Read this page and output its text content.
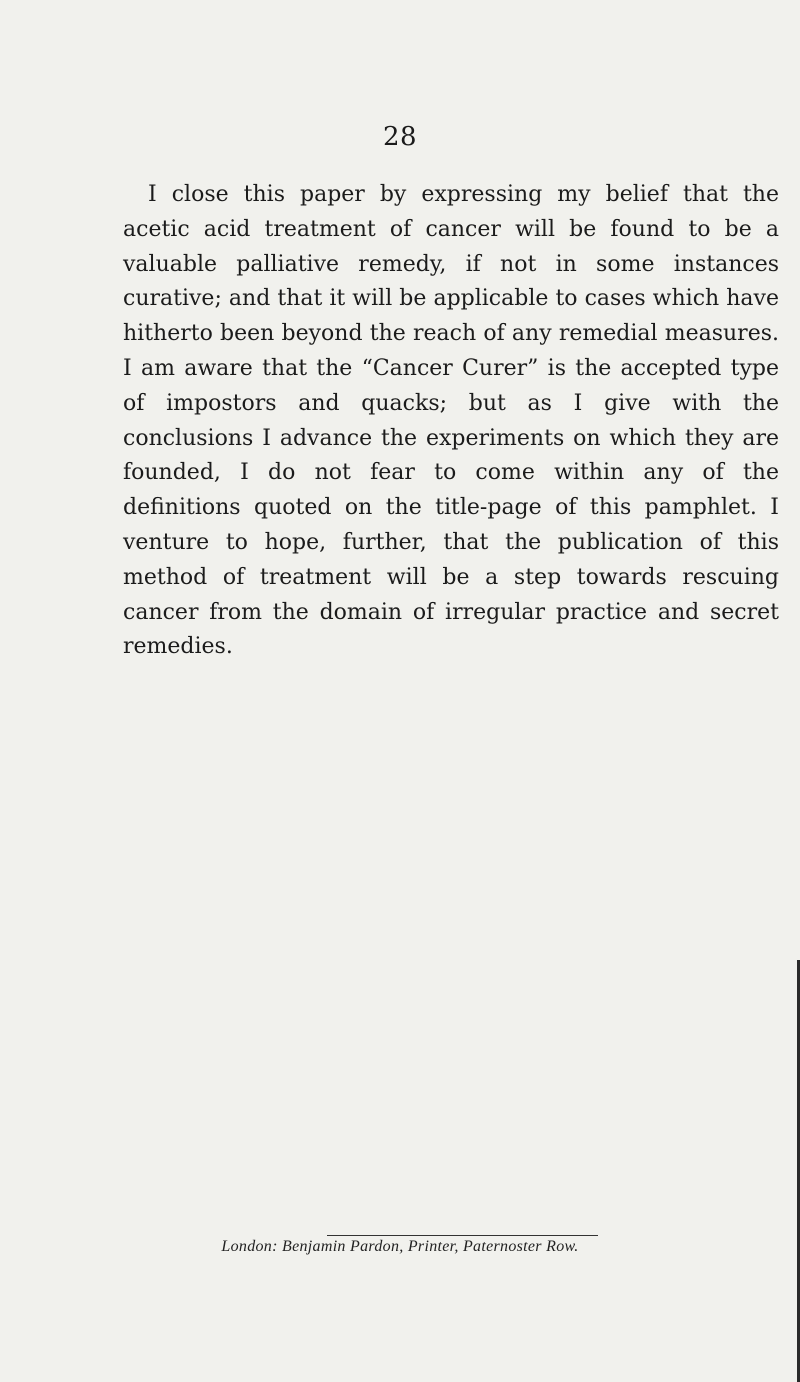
28

I close this paper by expressing my belief that the acetic acid treatment of cancer will be found to be a valuable palliative remedy, if not in some instances curative; and that it will be applicable to cases which have hitherto been beyond the reach of any remedial measures. I am aware that the “Cancer Curer” is the accepted type of impostors and quacks; but as I give with the conclusions I advance the experiments on which they are founded, I do not fear to come within any of the definitions quoted on the title-page of this pamphlet. I venture to hope, further, that the publication of this method of treatment will be a step towards rescuing cancer from the domain of irregular practice and secret remedies.

London: Benjamin Pardon, Printer, Paternoster Row.
